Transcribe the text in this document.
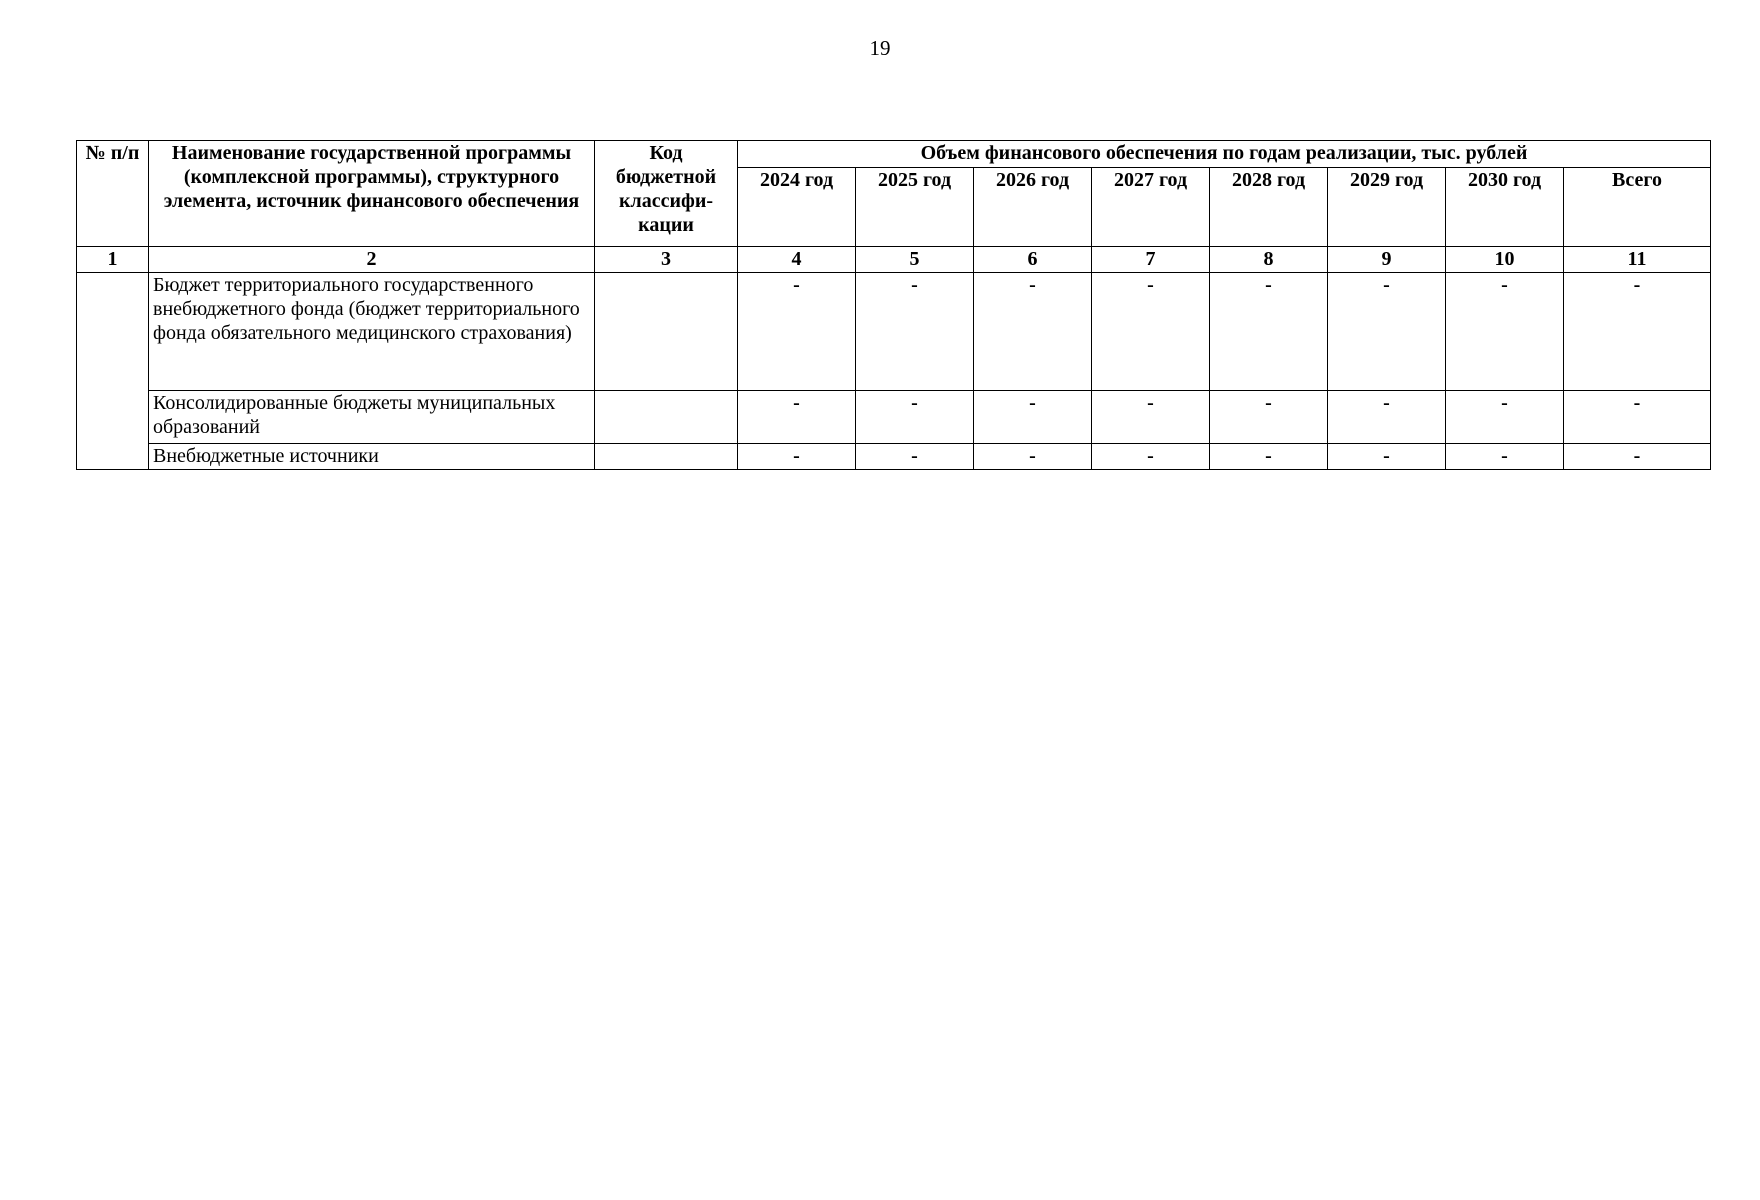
19
№ п/п	Наименование государственной программы (комплексной программы), структурного элемента, источник финансового обеспечения	Код бюджетной классифи-кации	Объем финансового обеспечения по годам реализации, тыс. рублей							
			2024 год	2025 год	2026 год	2027 год	2028 год	2029 год	2030 год	Всего
1	2	3	4	5	6	7	8	9	10	11
	Бюджет территориального государственного внебюджетного фонда (бюджет территориального фонда обязательного медицинского страхования)		-	-	-	-	-	-	-	-
	Консолидированные бюджеты муниципальных образований		-	-	-	-	-	-	-	-
	Внебюджетные источники		-	-	-	-	-	-	-	-
